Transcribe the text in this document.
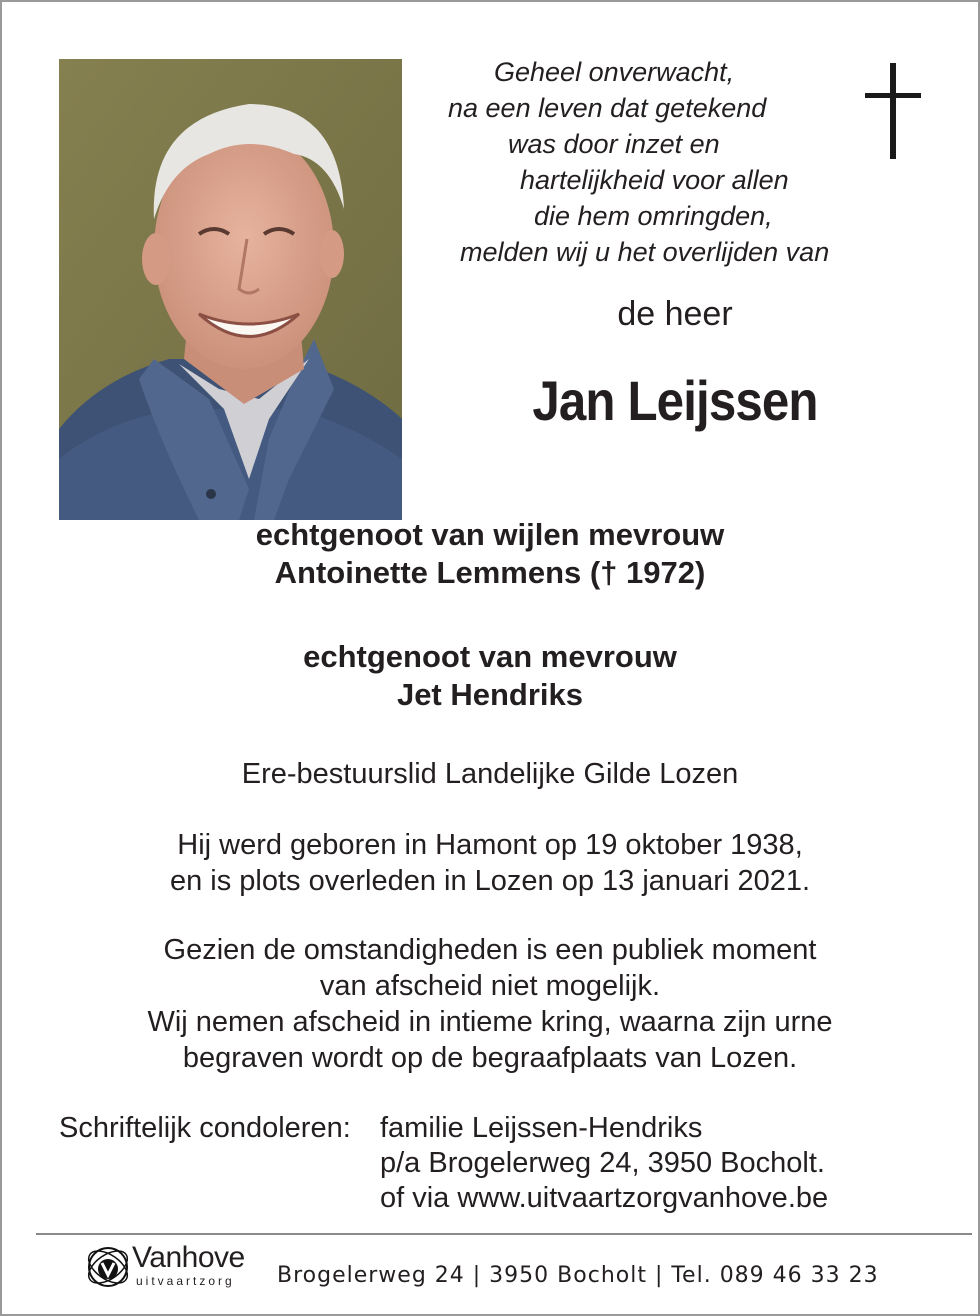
Geheel onverwacht,
na een leven dat getekend
was door inzet en
hartelijkheid voor allen
die hem omringden,
melden wij u het overlijden van
de heer
Jan Leijssen
echtgenoot van wijlen mevrouw
Antoinette Lemmens († 1972)
echtgenoot van mevrouw
Jet Hendriks
Ere-bestuurslid Landelijke Gilde Lozen
Hij werd geboren in Hamont op 19 oktober 1938,
en is plots overleden in Lozen op 13 januari 2021.
Gezien de omstandigheden is een publiek moment
van afscheid niet mogelijk.
Wij nemen afscheid in intieme kring, waarna zijn urne
begraven wordt op de begraafplaats van Lozen.
Schriftelijk condoleren: familie Leijssen-Hendriks
p/a Brogelerweg 24, 3950 Bocholt.
of via www.uitvaartzorgvanhove.be
Vanhove
uitvaartzorg Brogelerweg 24 | 3950 Bocholt | Tel. 089 46 33 23
